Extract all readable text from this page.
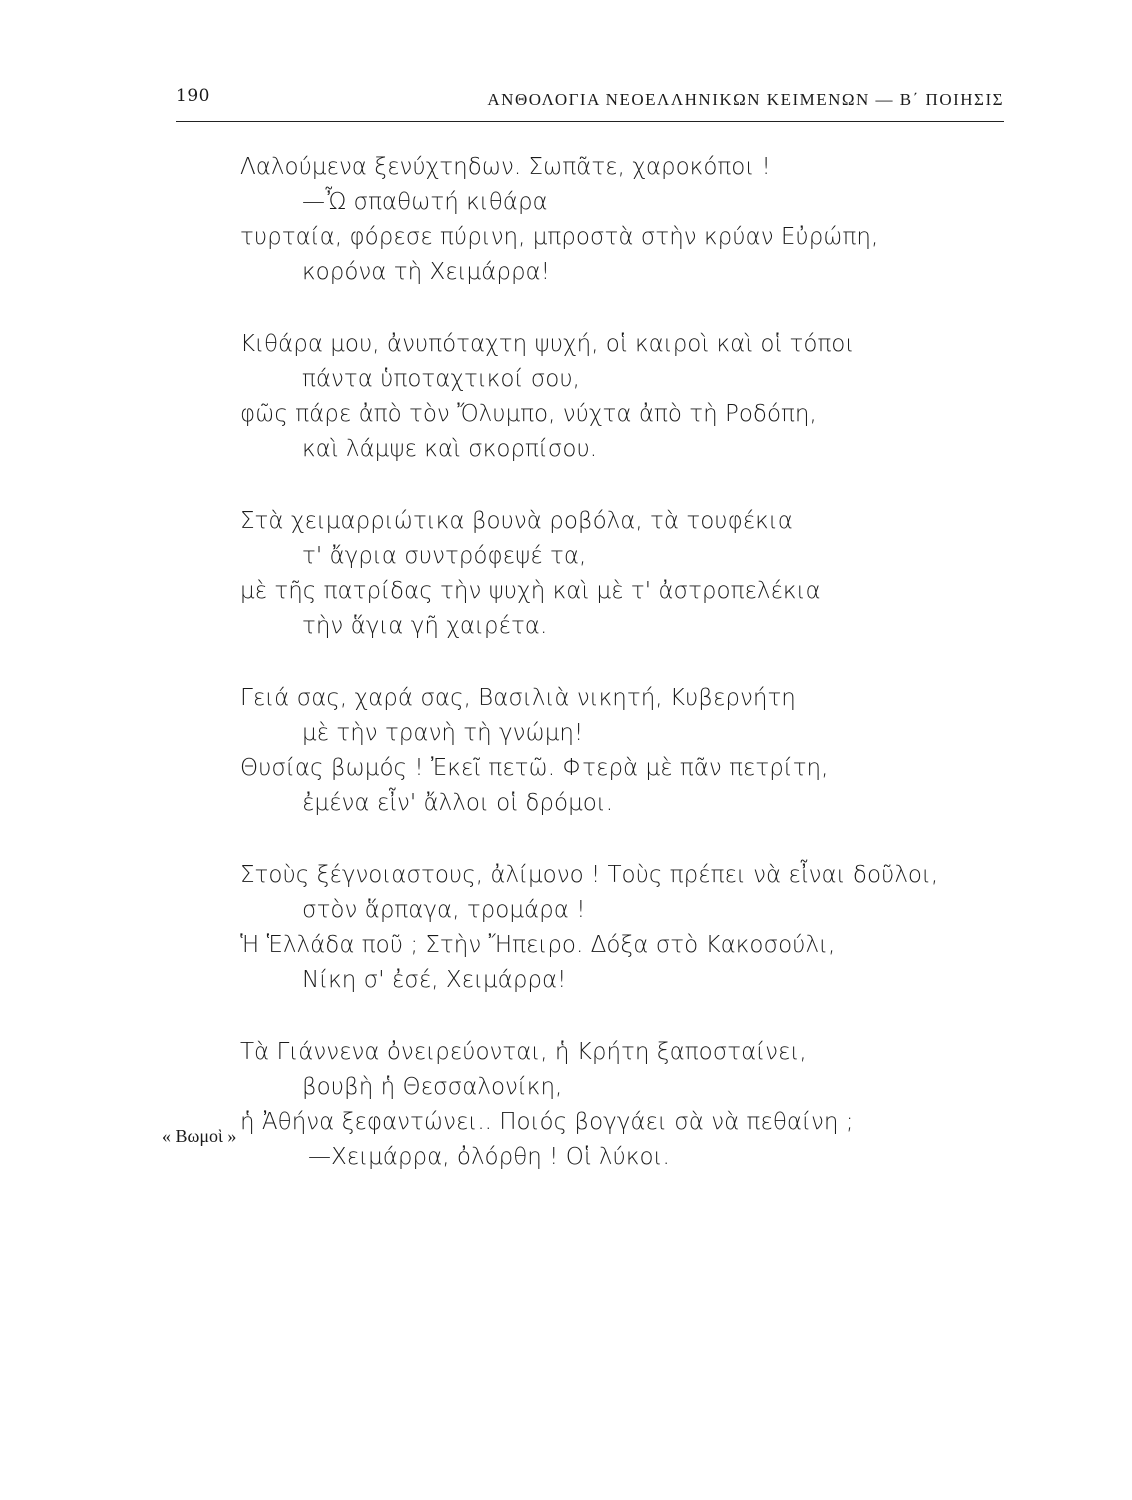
190	ΑΝΘΟΛΟΓΙΑ ΝΕΟΕΛΛΗΝΙΚΩΝ ΚΕΙΜΕΝΩΝ — Β΄ ΠΟΙΗΣΙΣ
Λαλούμενα ξενύχτηδων. Σωπᾶτε, χαροκόποι !
—Ὦ σπαθωτή κιθάρα
τυρταία, φόρεσε πύρινη, μπροστὰ στὴν κρύαν Εὐρώπη,
κορόνα τὴ Χειμάρρα!
Κιθάρα μου, ἀνυπόταχτη ψυχή, οἱ καιροὶ καὶ οἱ τόποι
πάντα ὑποταχτικοί σου,
φῶς πάρε ἀπὸ τὸν Ὄλυμπο, νύχτα ἀπὸ τὴ Ροδόπη,
καὶ λάμψε καὶ σκορπίσου.
Στὰ χειμαρριώτικα βουνὰ ροβόλα, τὰ τουφέκια
τ' ἄγρια συντρόφεψέ τα,
μὲ τῆς πατρίδας τὴν ψυχὴ καὶ μὲ τ' ἀστροπελέκια
τὴν ἅγια γῆ χαιρέτα.
Γειά σας, χαρά σας, Βασιλιὰ νικητή, Κυβερνήτη
μὲ τὴν τρανὴ τὴ γνώμη!
Θυσίας βωμός ! Ἐκεῖ πετῶ. Φτερὰ μὲ πᾶν πετρίτη,
ἐμένα εἶν' ἄλλοι οἱ δρόμοι.
Στοὺς ξέγνοιαστους, ἀλίμονο ! Τοὺς πρέπει νὰ εἶναι δοῦλοι,
στὸν ἅρπαγα, τρομάρα !
Ἡ Ἑλλάδα ποῦ ; Στὴν Ἤπειρο. Δόξα στὸ Κακοσούλι,
Νίκη σ' ἐσέ, Χειμάρρα!
Τὰ Γιάννενα ὀνειρεύονται, ἡ Κρήτη ξαποσταίνει,
βουβὴ ἡ Θεσσαλονίκη,
ἡ Ἀθήνα ξεφαντώνει.. Ποιός βογγάει σὰ νὰ πεθαίνη ;
—Χειμάρρα, ὀλόρθη ! Οἱ λύκοι.
« Βωμοὶ »
